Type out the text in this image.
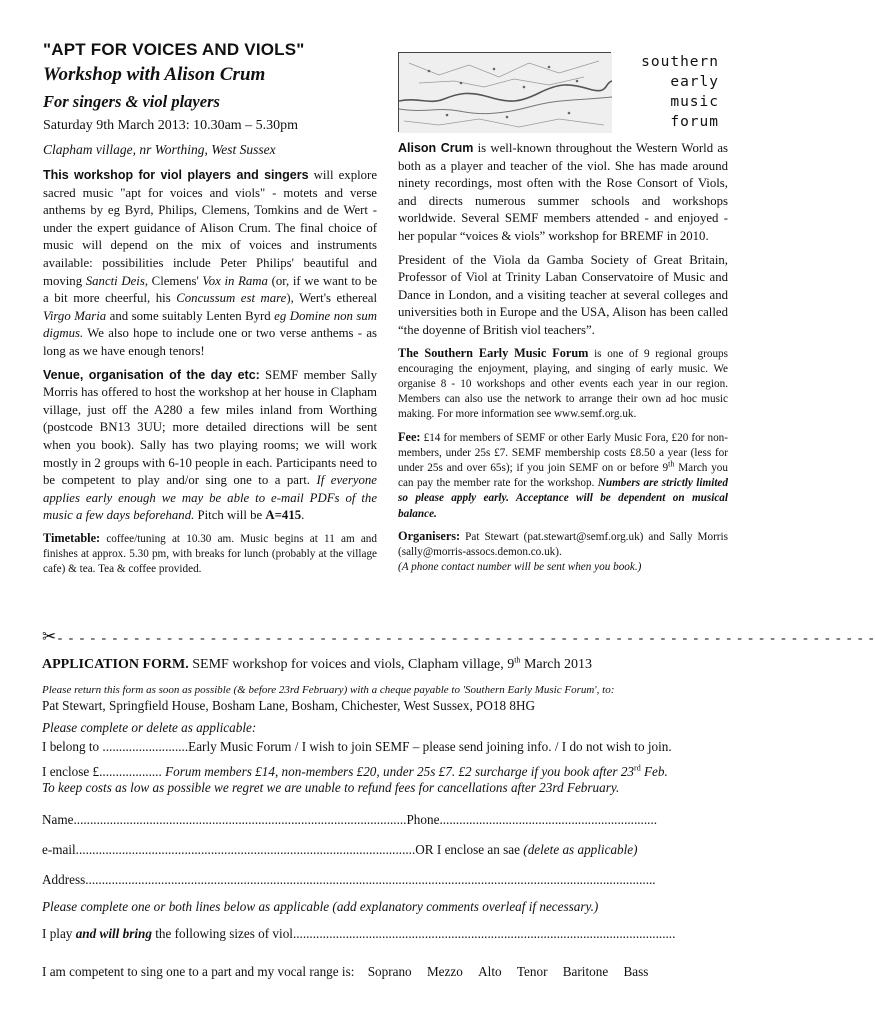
"APT FOR VOICES AND VIOLS"
Workshop with Alison Crum
For singers & viol players
Saturday 9th March 2013: 10.30am – 5.30pm
Clapham village, nr Worthing, West Sussex

This workshop for viol players and singers will explore sacred music "apt for voices and viols" - motets and verse anthems by eg Byrd, Philips, Clemens, Tomkins and de Wert - under the expert guidance of Alison Crum. The final choice of music will depend on the mix of voices and instruments available: possibilities include Peter Philips' beautiful and moving Sancti Deis, Clemens' Vox in Rama (or, if we want to be a bit more cheerful, his Concussum est mare), Wert's ethereal Virgo Maria and some suitably Lenten Byrd eg Domine non sum digmus. We also hope to include one or two verse anthems - as long as we have enough tenors!

Venue, organisation of the day etc: SEMF member Sally Morris has offered to host the workshop at her house in Clapham village, just off the A280 a few miles inland from Worthing (postcode BN13 3UU; more detailed directions will be sent when you book). Sally has two playing rooms; we will work mostly in 2 groups with 6-10 people in each. Participants need to be competent to play and/or sing one to a part. If everyone applies early enough we may be able to e-mail PDFs of the music a few days beforehand. Pitch will be A=415.

Timetable: coffee/tuning at 10.30 am. Music begins at 11 am and finishes at approx. 5.30 pm, with breaks for lunch (probably at the village cafe) & tea. Tea & coffee provided.

southern
early
music
forum

Alison Crum is well-known throughout the Western World as both as a player and teacher of the viol. She has made around ninety recordings, most often with the Rose Consort of Viols, and directs numerous summer schools and workshops worldwide. Several SEMF members attended - and enjoyed - her popular “voices & viols” workshop for BREMF in 2010.

President of the Viola da Gamba Society of Great Britain, Professor of Viol at Trinity Laban Conservatoire of Music and Dance in London, and a visiting teacher at several colleges and universities both in Europe and the USA, Alison has been called “the doyenne of British viol teachers”.

The Southern Early Music Forum is one of 9 regional groups encouraging the enjoyment, playing, and singing of early music. We organise 8 - 10 workshops and other events each year in our region. Members can also use the network to arrange their own ad hoc music making. For more information see www.semf.org.uk.

Fee: £14 for members of SEMF or other Early Music Fora, £20 for non-members, under 25s £7. SEMF membership costs £8.50 a year (less for under 25s and over 65s); if you join SEMF on or before 9th March you can pay the member rate for the workshop. Numbers are strictly limited so please apply early. Acceptance will be dependent on musical balance.

Organisers: Pat Stewart (pat.stewart@semf.org.uk) and Sally Morris (sally@morris-assocs.demon.co.uk).

(A phone contact number will be sent when you book.)

✂- - - - - - - - - - - - - - - - - - - - - - - - - - - - - - - - - - - - - - - - - - - - - - - - - - - - - - - - - - - - - - - - - - - - - - - - - - -
APPLICATION FORM. SEMF workshop for voices and viols, Clapham village, 9th March 2013
Please return this form as soon as possible (& before 23rd February) with a cheque payable to 'Southern Early Music Forum', to:
Pat Stewart, Springfield House, Bosham Lane, Bosham, Chichester, West Sussex, PO18 8HG
Please complete or delete as applicable:
I belong to ..........................Early Music Forum / I wish to join SEMF – please send joining info. / I do not wish to join.
I enclose £................... Forum members £14, non-members £20, under 25s £7. £2 surcharge if you book after 23rd Feb.
To keep costs as low as possible we regret we are unable to refund fees for cancellations after 23rd February.
Name.....................................................................................................Phone..................................................................
e-mail.......................................................................................................OR I enclose an sae (delete as applicable)
Address.............................................................................................................................................................................
Please complete one or both lines below as applicable (add explanatory comments overleaf if necessary.)
I play and will bring the following sizes of viol....................................................................................................................
I am competent to sing one to a part and my vocal range is: Soprano Mezzo Alto Tenor Baritone Bass
